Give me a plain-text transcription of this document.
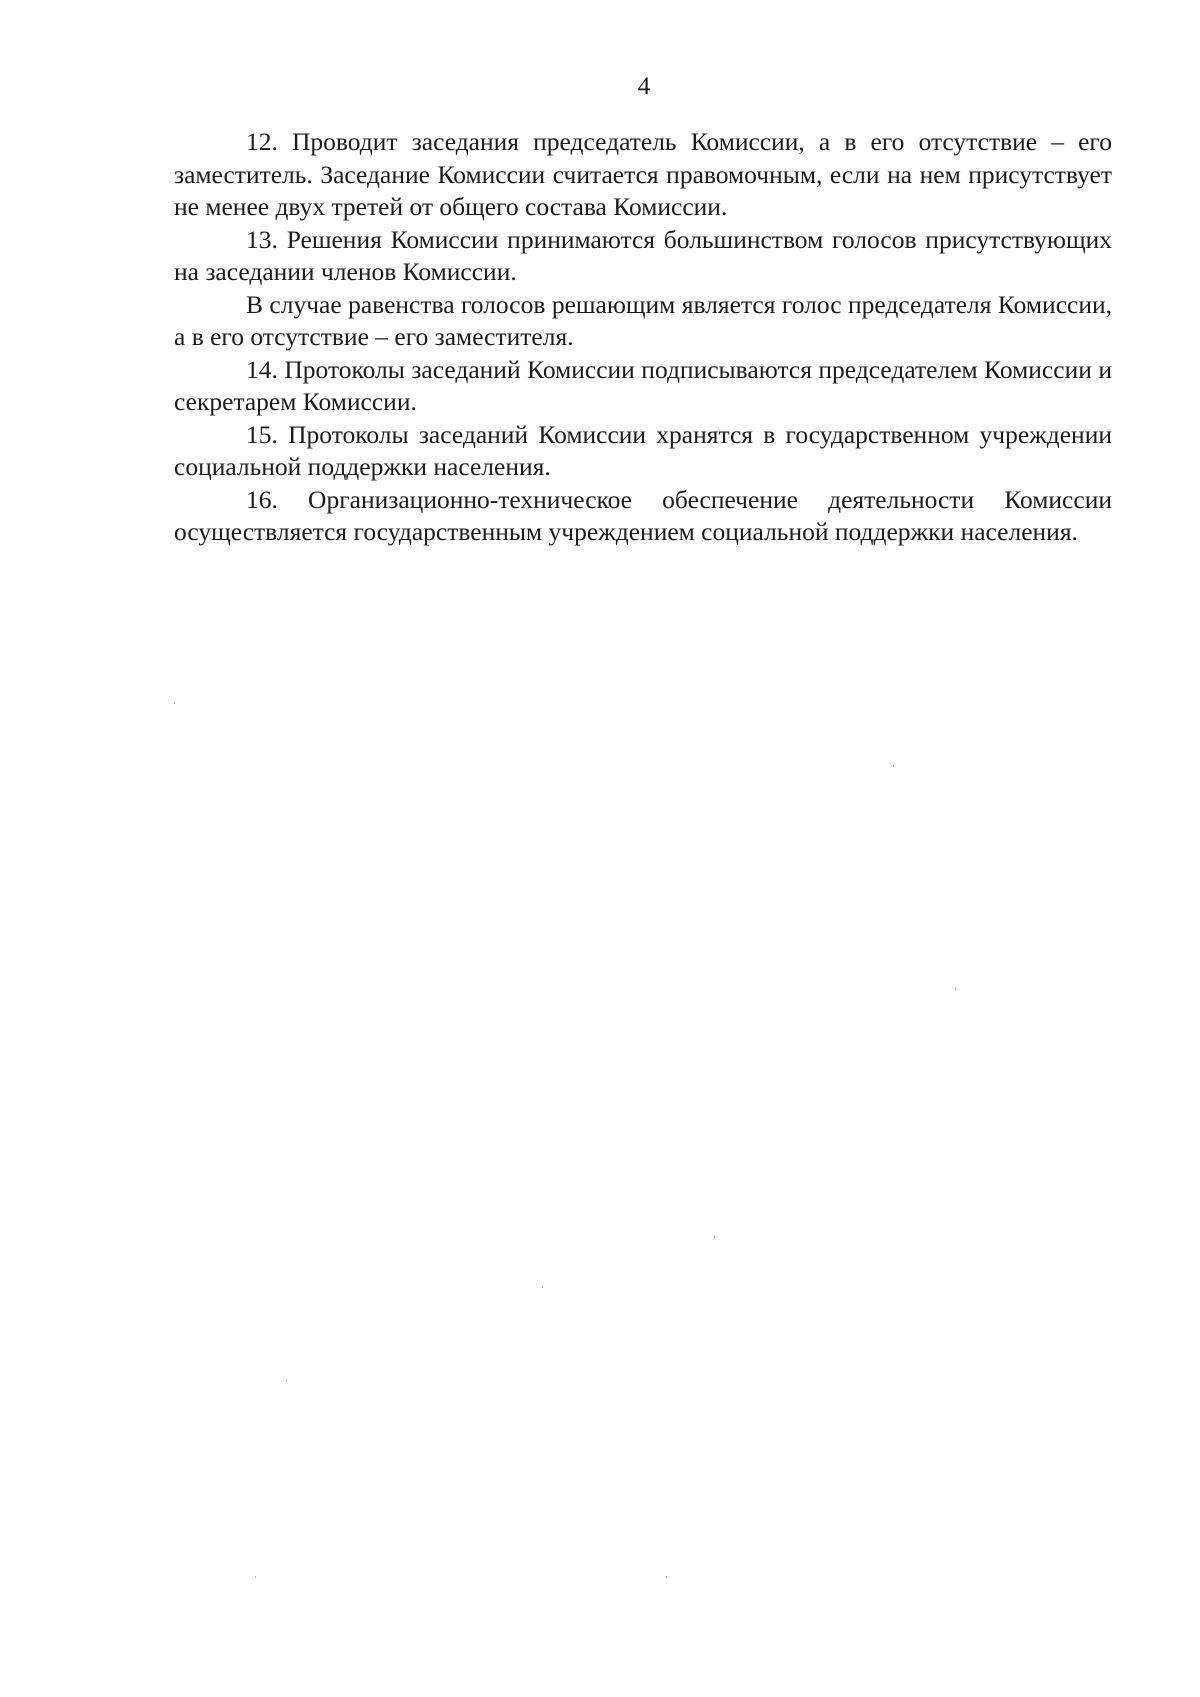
4

12. Проводит заседания председатель Комиссии, а в его отсутствие – его заместитель. Заседание Комиссии считается правомочным, если на нем присутствует не менее двух третей от общего состава Комиссии.

13. Решения Комиссии принимаются большинством голосов присутствующих на заседании членов Комиссии.

В случае равенства голосов решающим является голос председателя Комиссии, а в его отсутствие – его заместителя.

14. Протоколы заседаний Комиссии подписываются председателем Комиссии и секретарем Комиссии.

15. Протоколы заседаний Комиссии хранятся в государственном учреждении социальной поддержки населения.

16. Организационно-техническое обеспечение деятельности Комиссии осуществляется государственным учреждением социальной поддержки населения.
